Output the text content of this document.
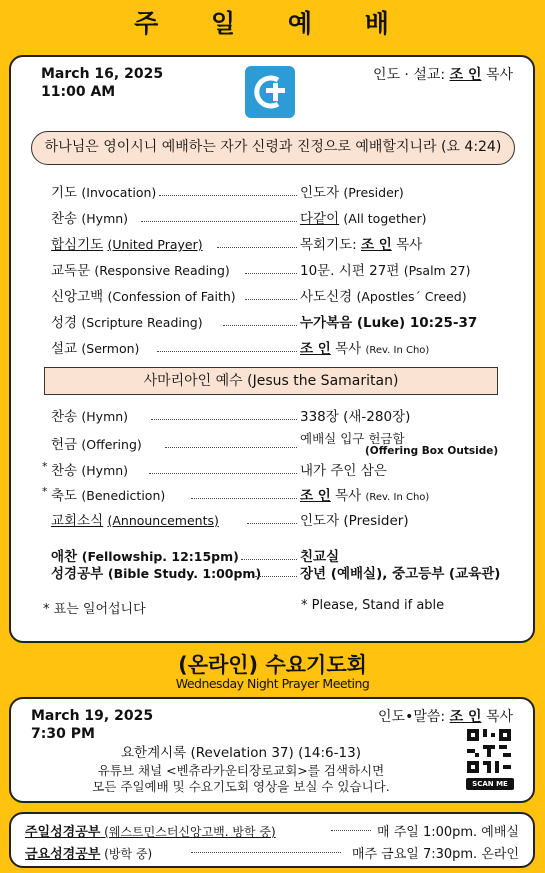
주 일 예 배
March 16, 2025
11:00 AM
인도 · 설교: 조 인 목사
하나님은 영이시니 예배하는 자가 신령과 진정으로 예배할지니라 (요 4:24)
기도 (Invocation)	인도자 (Presider)
찬송 (Hymn)	다같이 (All together)
합심기도 (United Prayer)	목회기도: 조 인 목사
교독문 (Responsive Reading)	10문. 시편 27편 (Psalm 27)
신앙고백 (Confession of Faith)	사도신경 (Apostles´ Creed)
성경 (Scripture Reading)	누가복음 (Luke) 10:25-37
설교 (Sermon)	조 인 목사 (Rev. In Cho)
사마리아인 예수 (Jesus the Samaritan)
찬송 (Hymn)	338장 (새-280장)
헌금 (Offering)	예배실 입구 헌금함
(Offering Box Outside)
* 찬송 (Hymn)	내가 주인 삼은
* 축도 (Benediction)	조 인 목사 (Rev. In Cho)
교회소식 (Announcements)	인도자 (Presider)
애찬 (Fellowship. 12:15pm)	친교실
성경공부 (Bible Study. 1:00pm)	장년 (예배실), 중고등부 (교육관)
* 표는 일어섭니다	* Please, Stand if able
(온라인) 수요기도회
Wednesday Night Prayer Meeting
March 19, 2025
7:30 PM
인도•말씀: 조 인 목사
요한계시록 (Revelation 37) (14:6-13)
유튜브 채널 <벤츄라카운티장로교회>를 검색하시면
모든 주일예배 및 수요기도회 영상을 보실 수 있습니다.	SCAN ME
주일성경공부 (웨스트민스터신앙고백. 방학 중)	매 주일 1:00pm. 예배실
금요성경공부 (방학 중)	매주 금요일 7:30pm. 온라인
